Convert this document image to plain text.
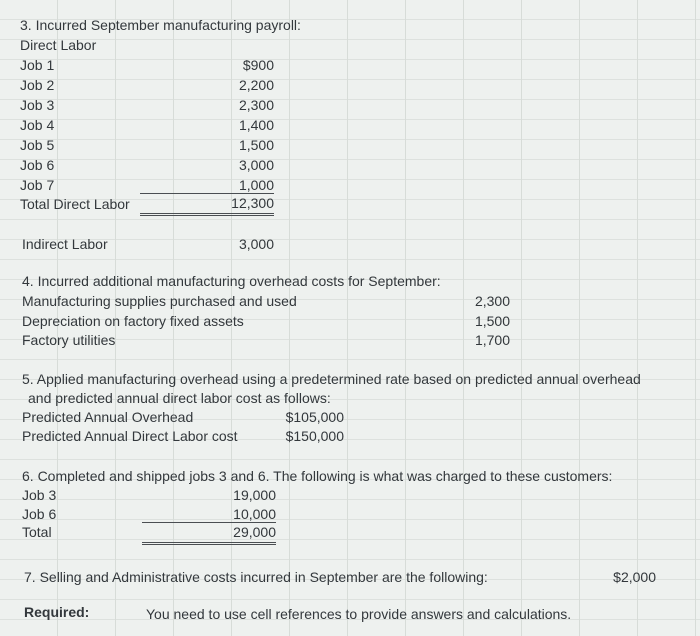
3. Incurred September manufacturing payroll:
Direct Labor
Job 1	$900
Job 2	2,200
Job 3	2,300
Job 4	1,400
Job 5	1,500
Job 6	3,000
Job 7	1,000
Total Direct Labor	12,300
Indirect Labor	3,000
4. Incurred additional manufacturing overhead costs for September:
Manufacturing supplies purchased and used	2,300
Depreciation on factory fixed assets	1,500
Factory utilities	1,700
5. Applied manufacturing overhead using a predetermined rate based on predicted annual overhead
and predicted annual direct labor cost as follows:
Predicted Annual Overhead	$105,000
Predicted Annual Direct Labor cost	$150,000
6. Completed and shipped jobs 3 and 6. The following is what was charged to these customers:
Job 3	19,000
Job 6	10,000
Total	29,000
7. Selling and Administrative costs incurred in September are the following:	$2,000
Required:	You need to use cell references to provide answers and calculations.
